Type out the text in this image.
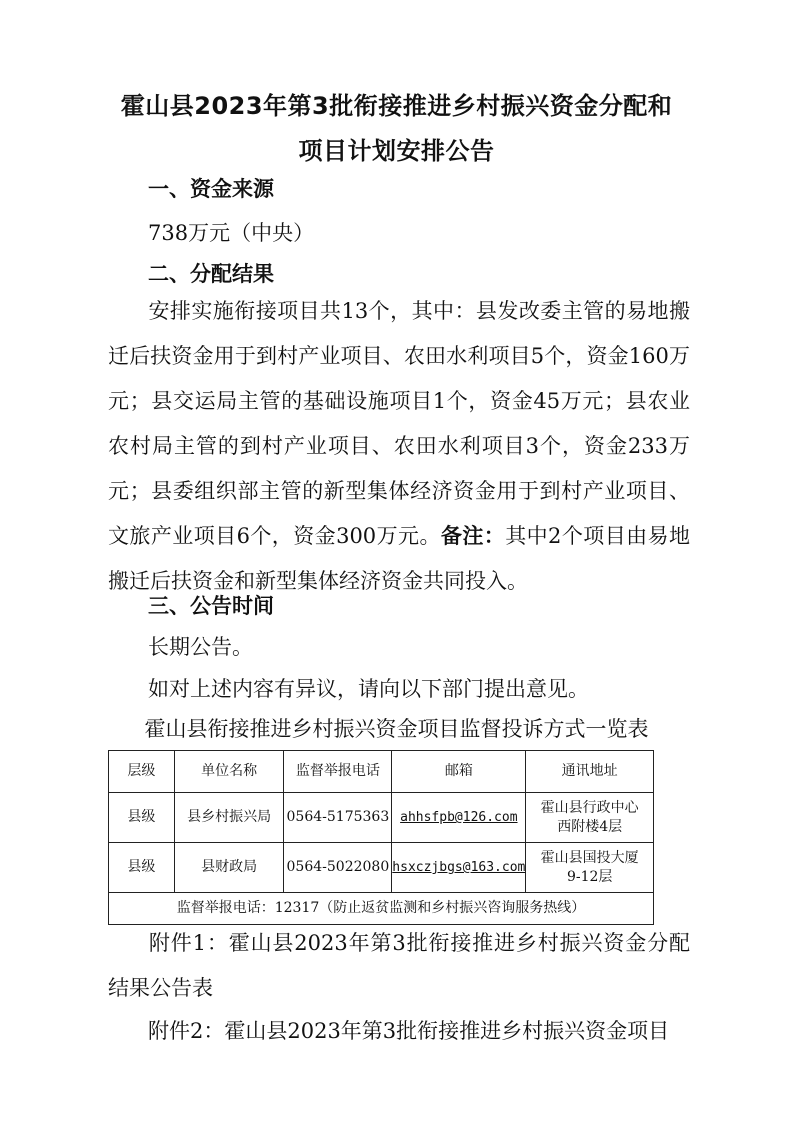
霍山县2023年第3批衔接推进乡村振兴资金分配和
项目计划安排公告
一、资金来源
738万元（中央）
二、分配结果
安排实施衔接项目共13个，其中：县发改委主管的易地搬迁后扶资金用于到村产业项目、农田水利项目5个，资金160万元；县交运局主管的基础设施项目1个，资金45万元；县农业农村局主管的到村产业项目、农田水利项目3个，资金233万元；县委组织部主管的新型集体经济资金用于到村产业项目、文旅产业项目6个，资金300万元。备注：其中2个项目由易地搬迁后扶资金和新型集体经济资金共同投入。
三、公告时间
长期公告。
如对上述内容有异议，请向以下部门提出意见。
霍山县衔接推进乡村振兴资金项目监督投诉方式一览表
层级	单位名称	监督举报电话	邮箱	通讯地址
县级	县乡村振兴局	0564-5175363	ahhsfpb@126.com	霍山县行政中心
西附楼4层

县级	县财政局	0564-5022080	hsxczjbgs@163.com	霍山县国投大厦
9-12层

监督举报电话：12317（防止返贫监测和乡村振兴咨询服务热线）				
附件1：霍山县2023年第3批衔接推进乡村振兴资金分配结果公告表
附件2：霍山县2023年第3批衔接推进乡村振兴资金项目
